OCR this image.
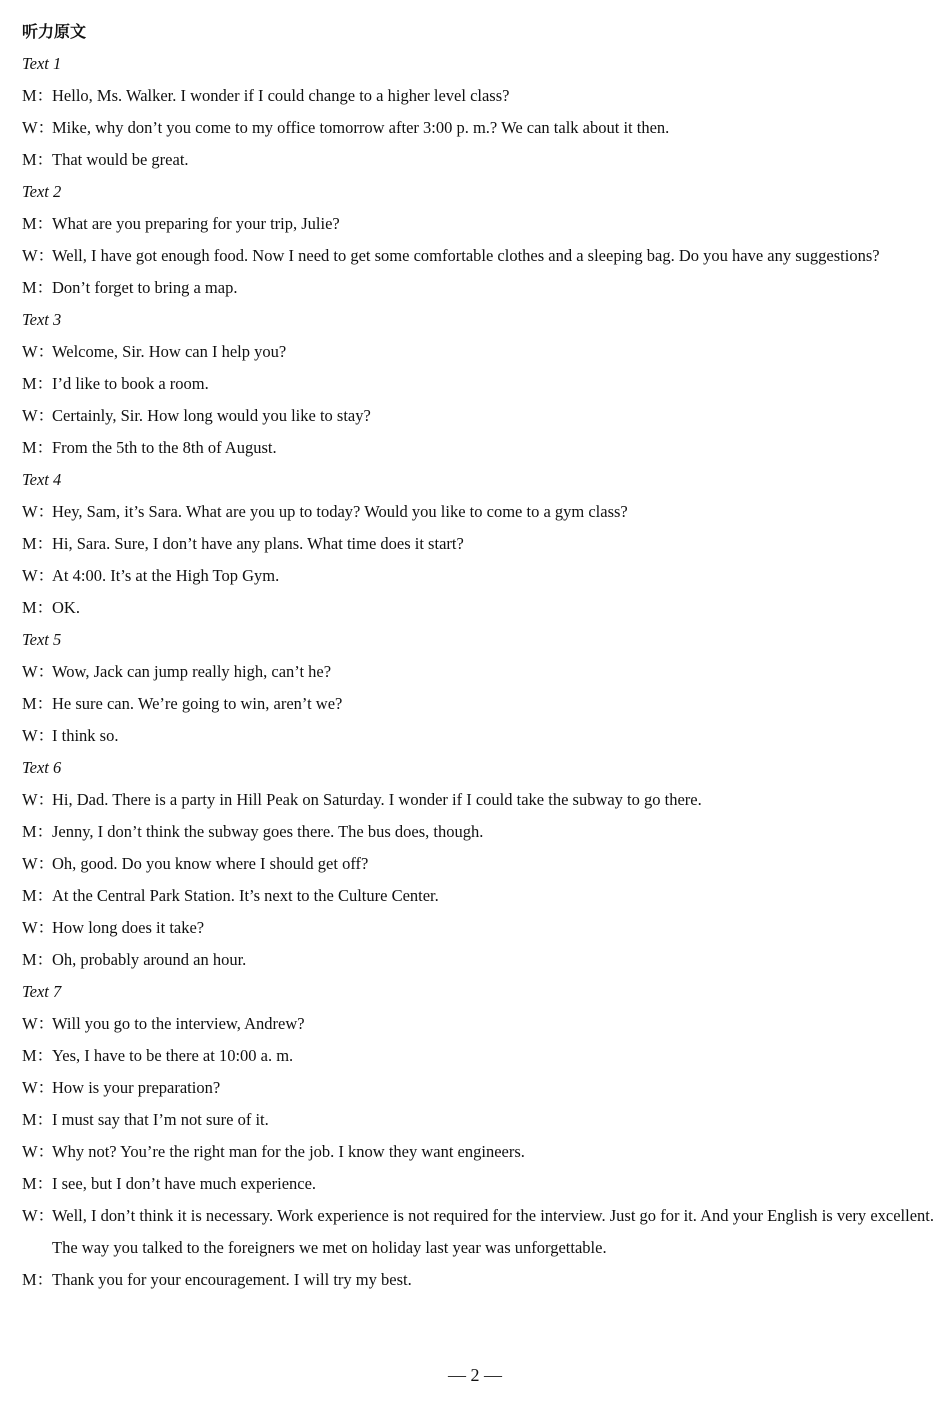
听力原文
Text 1
M：Hello, Ms. Walker. I wonder if I could change to a higher level class?
W：Mike, why don’t you come to my office tomorrow after 3:00 p. m.? We can talk about it then.
M：That would be great.
Text 2
M：What are you preparing for your trip, Julie?
W：Well, I have got enough food. Now I need to get some comfortable clothes and a sleeping bag. Do you have any suggestions?
M：Don’t forget to bring a map.
Text 3
W：Welcome, Sir. How can I help you?
M：I’d like to book a room.
W：Certainly, Sir. How long would you like to stay?
M：From the 5th to the 8th of August.
Text 4
W：Hey, Sam, it’s Sara. What are you up to today? Would you like to come to a gym class?
M：Hi, Sara. Sure, I don’t have any plans. What time does it start?
W：At 4:00. It’s at the High Top Gym.
M：OK.
Text 5
W：Wow, Jack can jump really high, can’t he?
M：He sure can. We’re going to win, aren’t we?
W：I think so.
Text 6
W：Hi, Dad. There is a party in Hill Peak on Saturday. I wonder if I could take the subway to go there.
M：Jenny, I don’t think the subway goes there. The bus does, though.
W：Oh, good. Do you know where I should get off?
M：At the Central Park Station. It’s next to the Culture Center.
W：How long does it take?
M：Oh, probably around an hour.
Text 7
W：Will you go to the interview, Andrew?
M：Yes, I have to be there at 10:00 a. m.
W：How is your preparation?
M：I must say that I’m not sure of it.
W：Why not? You’re the right man for the job. I know they want engineers.
M：I see, but I don’t have much experience.
W：Well, I don’t think it is necessary. Work experience is not required for the interview. Just go for it. And your English is very excellent. The way you talked to the foreigners we met on holiday last year was unforgettable.
M：Thank you for your encouragement. I will try my best.
— 2 —
